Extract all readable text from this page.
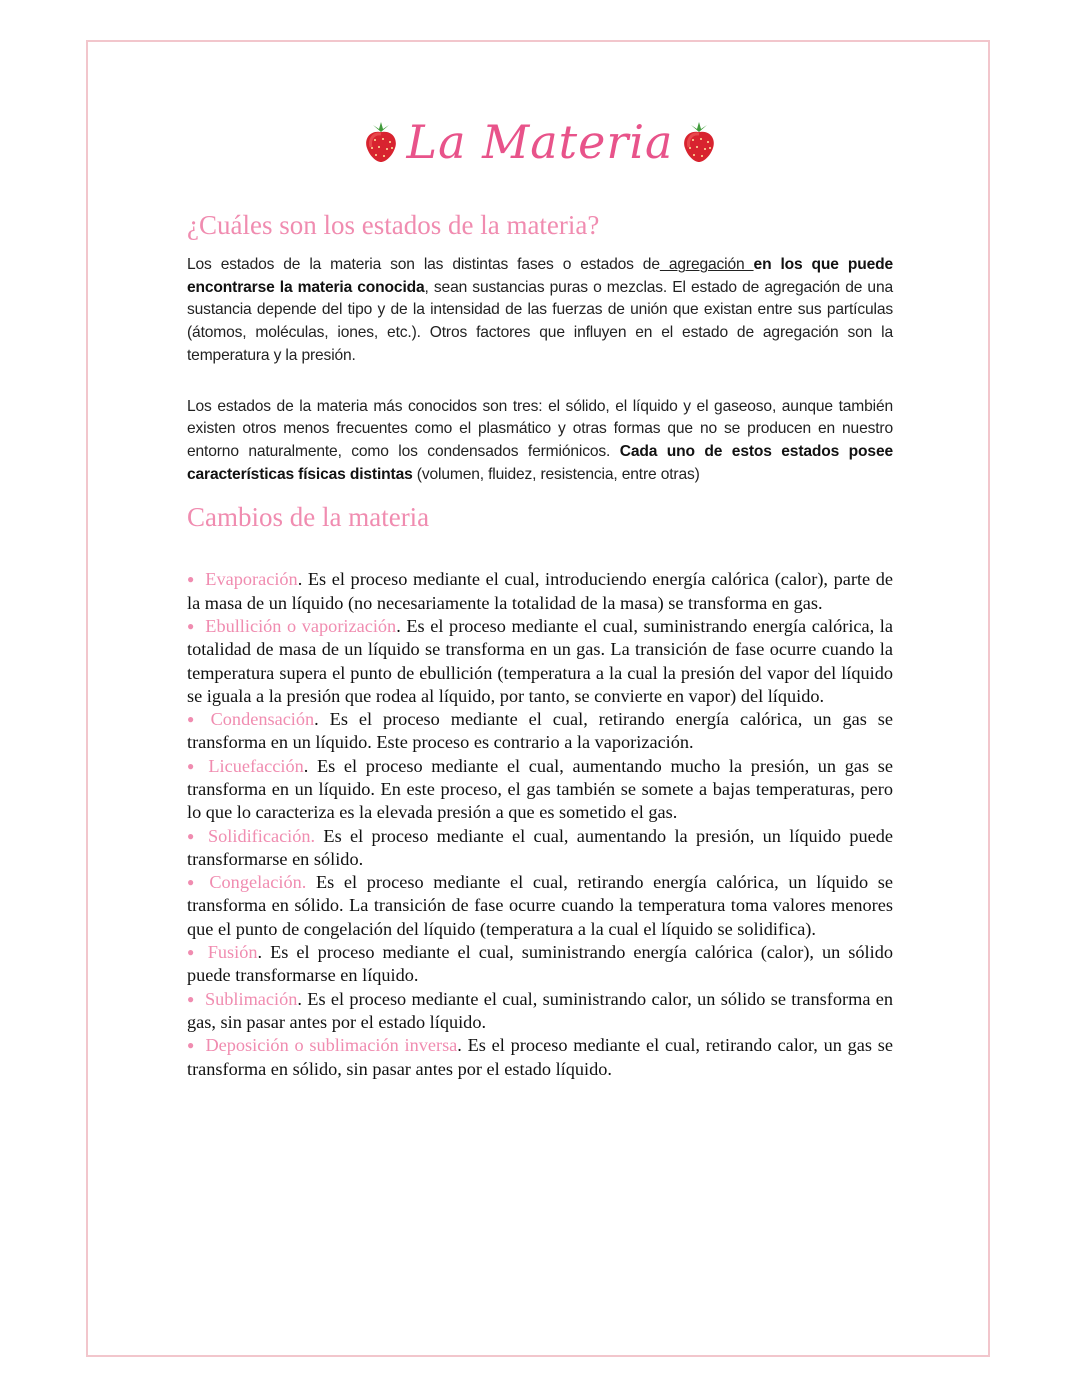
La Materia
¿Cuáles son los estados de la materia?

Los estados de la materia son las distintas fases o estados de agregación en los que puede encontrarse la materia conocida, sean sustancias puras o mezclas. El estado de agregación de una sustancia depende del tipo y de la intensidad de las fuerzas de unión que existan entre sus partículas (átomos, moléculas, iones, etc.). Otros factores que influyen en el estado de agregación son la temperatura y la presión.

Los estados de la materia más conocidos son tres: el sólido, el líquido y el gaseoso, aunque también existen otros menos frecuentes como el plasmático y otras formas que no se producen en nuestro entorno naturalmente, como los condensados fermiónicos. Cada uno de estos estados posee características físicas distintas (volumen, fluidez, resistencia, entre otras)

Cambios de la materia
● Evaporación. Es el proceso mediante el cual, introduciendo energía calórica (calor), parte de la masa de un líquido (no necesariamente la totalidad de la masa) se transforma en gas.
● Ebullición o vaporización. Es el proceso mediante el cual, suministrando energía calórica, la totalidad de masa de un líquido se transforma en un gas. La transición de fase ocurre cuando la temperatura supera el punto de ebullición (temperatura a la cual la presión del vapor del líquido se iguala a la presión que rodea al líquido, por tanto, se convierte en vapor) del líquido.
● Condensación. Es el proceso mediante el cual, retirando energía calórica, un gas se transforma en un líquido. Este proceso es contrario a la vaporización.
● Licuefacción. Es el proceso mediante el cual, aumentando mucho la presión, un gas se transforma en un líquido. En este proceso, el gas también se somete a bajas temperaturas, pero lo que lo caracteriza es la elevada presión a que es sometido el gas.
● Solidificación. Es el proceso mediante el cual, aumentando la presión, un líquido puede transformarse en sólido.
● Congelación. Es el proceso mediante el cual, retirando energía calórica, un líquido se transforma en sólido. La transición de fase ocurre cuando la temperatura toma valores menores que el punto de congelación del líquido (temperatura a la cual el líquido se solidifica).
● Fusión. Es el proceso mediante el cual, suministrando energía calórica (calor), un sólido puede transformarse en líquido.
● Sublimación. Es el proceso mediante el cual, suministrando calor, un sólido se transforma en gas, sin pasar antes por el estado líquido.
● Deposición o sublimación inversa. Es el proceso mediante el cual, retirando calor, un gas se transforma en sólido, sin pasar antes por el estado líquido.
